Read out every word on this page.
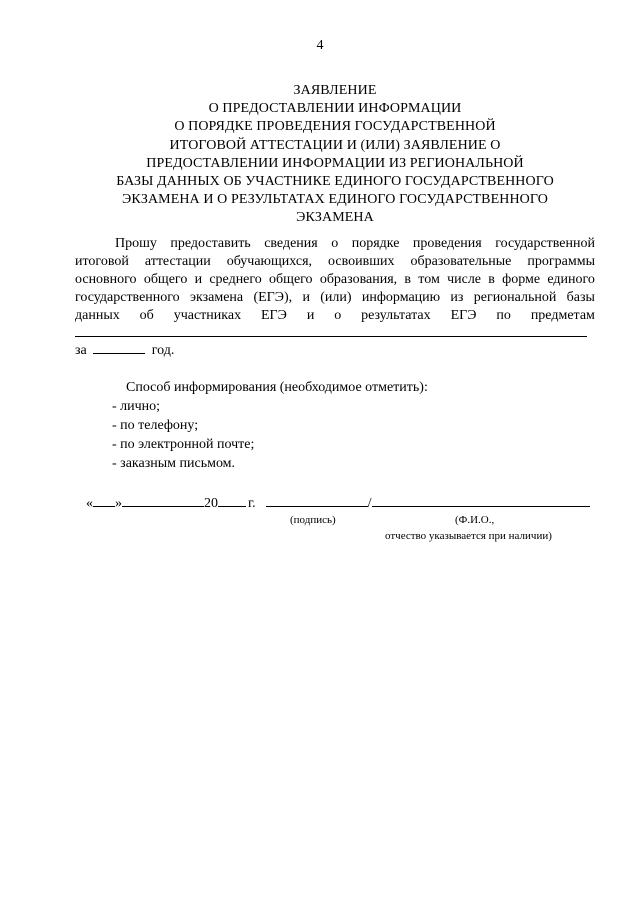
4
ЗАЯВЛЕНИЕ
О ПРЕДОСТАВЛЕНИИ ИНФОРМАЦИИ
О ПОРЯДКЕ ПРОВЕДЕНИЯ ГОСУДАРСТВЕННОЙ
ИТОГОВОЙ АТТЕСТАЦИИ И (ИЛИ) ЗАЯВЛЕНИЕ О
ПРЕДОСТАВЛЕНИИ ИНФОРМАЦИИ ИЗ РЕГИОНАЛЬНОЙ
БАЗЫ ДАННЫХ ОБ УЧАСТНИКЕ ЕДИНОГО ГОСУДАРСТВЕННОГО
ЭКЗАМЕНА И О РЕЗУЛЬТАТАХ ЕДИНОГО ГОСУДАРСТВЕННОГО
ЭКЗАМЕНА
Прошу предоставить сведения о порядке проведения государственной
итоговой аттестации обучающихся, освоивших образовательные программы
основного общего и среднего общего образования, в том числе в форме единого
государственного экзамена (ЕГЭ), и (или) информацию из региональной базы
данных об участниках ЕГЭ и о результатах ЕГЭ по предметам
за	год.
Способ информирования (необходимое отметить):
- лично;
- по телефону;
- по электронной почте;
- заказным письмом.
« »	20 г.	/
(подпись)	(Ф.И.О.,
отчество указывается при наличии)
